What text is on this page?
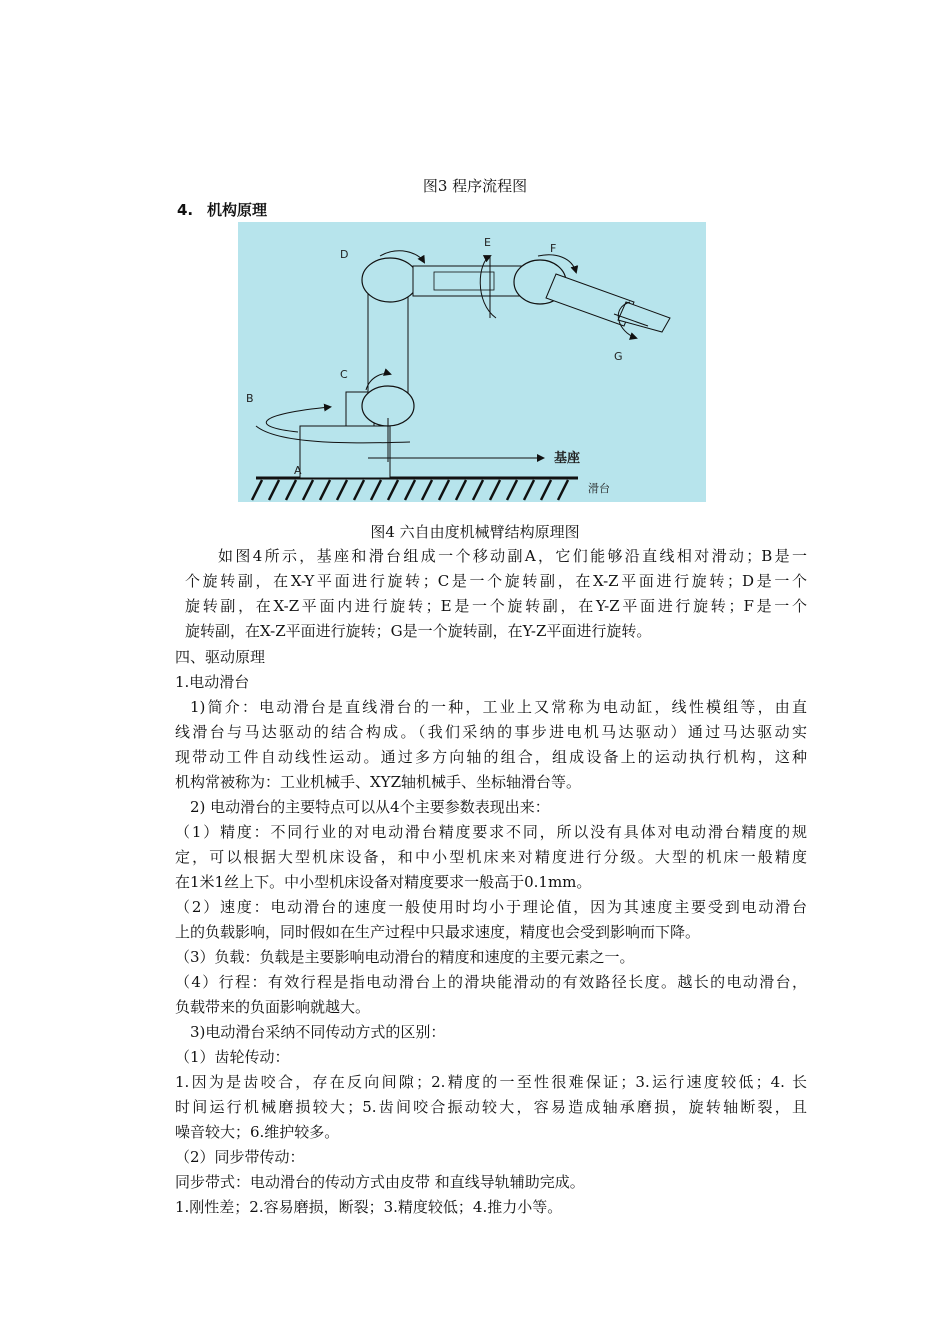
图3 程序流程图
4. 机构原理
A
B
C
D
E	F
G
基座
滑台
图4 六自由度机械臂结构原理图
如图4所示，基座和滑台组成一个移动副A，它们能够沿直线相对滑动；B是一
个旋转副，在X-Y平面进行旋转；C是一个旋转副，在X-Z平面进行旋转；D是一个
旋转副，在X-Z平面内进行旋转；E是一个旋转副，在Y-Z平面进行旋转；F是一个
旋转副，在X-Z平面进行旋转；G是一个旋转副，在Y-Z平面进行旋转。
四、驱动原理
1.电动滑台
1)简介：电动滑台是直线滑台的一种，工业上又常称为电动缸，线性模组等，由直
线滑台与马达驱动的结合构成。（我们采纳的事步进电机马达驱动）通过马达驱动实
现带动工件自动线性运动。通过多方向轴的组合，组成设备上的运动执行机构，这种
机构常被称为：工业机械手、XYZ轴机械手、坐标轴滑台等。
2) 电动滑台的主要特点可以从4个主要参数表现出来：
（1）精度：不同行业的对电动滑台精度要求不同，所以没有具体对电动滑台精度的规
定，可以根据大型机床设备，和中小型机床来对精度进行分级。大型的机床一般精度
在1米1丝上下。中小型机床设备对精度要求一般高于0.1mm。
（2）速度：电动滑台的速度一般使用时均小于理论值，因为其速度主要受到电动滑台
上的负载影响，同时假如在生产过程中只最求速度，精度也会受到影响而下降。
（3）负载：负载是主要影响电动滑台的精度和速度的主要元素之一。
（4）行程：有效行程是指电动滑台上的滑块能滑动的有效路径长度。越长的电动滑台，
负载带来的负面影响就越大。
3)电动滑台采纳不同传动方式的区别：
（1）齿轮传动：
1.因为是齿咬合，存在反向间隙；2.精度的一至性很难保证；3.运行速度较低；4. 长
时间运行机械磨损较大；5.齿间咬合振动较大，容易造成轴承磨损，旋转轴断裂，且
噪音较大；6.维护较多。
（2）同步带传动：
同步带式：电动滑台的传动方式由皮带 和直线导轨辅助完成。
1.刚性差；2.容易磨损，断裂；3.精度较低；4.推力小等。
